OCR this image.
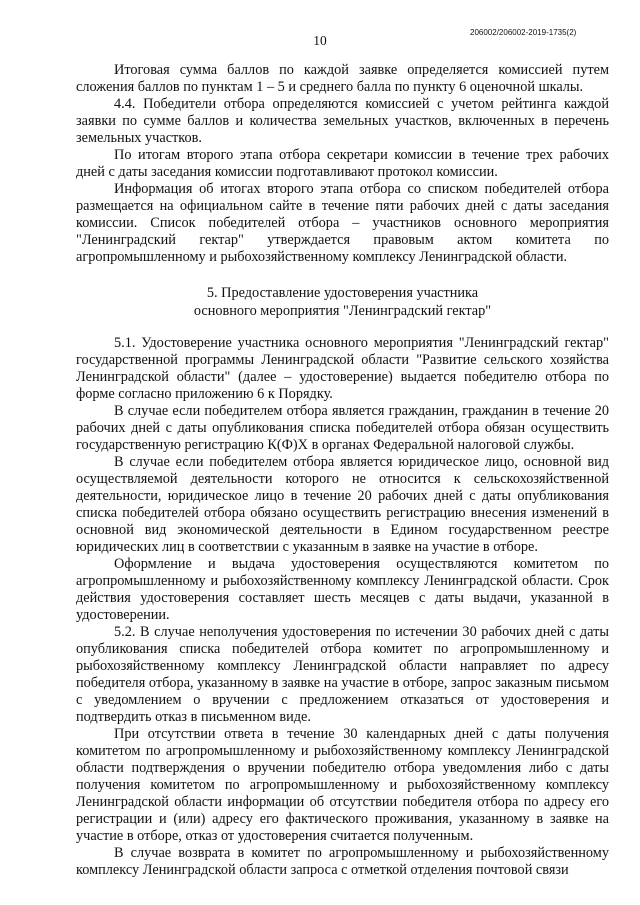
10
206002/206002-2019-1735(2)

Итоговая сумма баллов по каждой заявке определяется комиссией путем сложения баллов по пунктам 1 – 5 и среднего балла по пункту 6 оценочной шкалы.

4.4. Победители отбора определяются комиссией с учетом рейтинга каждой заявки по сумме баллов и количества земельных участков, включенных в перечень земельных участков.

По итогам второго этапа отбора секретари комиссии в течение трех рабочих дней с даты заседания комиссии подготавливают протокол комиссии.

Информация об итогах второго этапа отбора со списком победителей отбора размещается на официальном сайте в течение пяти рабочих дней с даты заседания комиссии. Список победителей отбора – участников основного мероприятия "Ленинградский гектар" утверждается правовым актом комитета по агропромышленному и рыбохозяйственному комплексу Ленинградской области.

5. Предоставление удостоверения участника
основного мероприятия "Ленинградский гектар"

5.1. Удостоверение участника основного мероприятия "Ленинградский гектар" государственной программы Ленинградской области "Развитие сельского хозяйства Ленинградской области" (далее – удостоверение) выдается победителю отбора по форме согласно приложению 6 к Порядку.

В случае если победителем отбора является гражданин, гражданин в течение 20 рабочих дней с даты опубликования списка победителей отбора обязан осуществить государственную регистрацию К(Ф)Х в органах Федеральной налоговой службы.

В случае если победителем отбора является юридическое лицо, основной вид осуществляемой деятельности которого не относится к сельскохозяйственной деятельности, юридическое лицо в течение 20 рабочих дней с даты опубликования списка победителей отбора обязано осуществить регистрацию внесения изменений в основной вид экономической деятельности в Едином государственном реестре юридических лиц в соответствии с указанным в заявке на участие в отборе.

Оформление и выдача удостоверения осуществляются комитетом по агропромышленному и рыбохозяйственному комплексу Ленинградской области. Срок действия удостоверения составляет шесть месяцев с даты выдачи, указанной в удостоверении.

5.2. В случае неполучения удостоверения по истечении 30 рабочих дней с даты опубликования списка победителей отбора комитет по агропромышленному и рыбохозяйственному комплексу Ленинградской области направляет по адресу победителя отбора, указанному в заявке на участие в отборе, запрос заказным письмом с уведомлением о вручении с предложением отказаться от удостоверения и подтвердить отказ в письменном виде.

При отсутствии ответа в течение 30 календарных дней с даты получения комитетом по агропромышленному и рыбохозяйственному комплексу Ленинградской области подтверждения о вручении победителю отбора уведомления либо с даты получения комитетом по агропромышленному и рыбохозяйственному комплексу Ленинградской области информации об отсутствии победителя отбора по адресу его регистрации и (или) адресу его фактического проживания, указанному в заявке на участие в отборе, отказ от удостоверения считается полученным.

В случае возврата в комитет по агропромышленному и рыбохозяйственному комплексу Ленинградской области запроса с отметкой отделения почтовой связи
